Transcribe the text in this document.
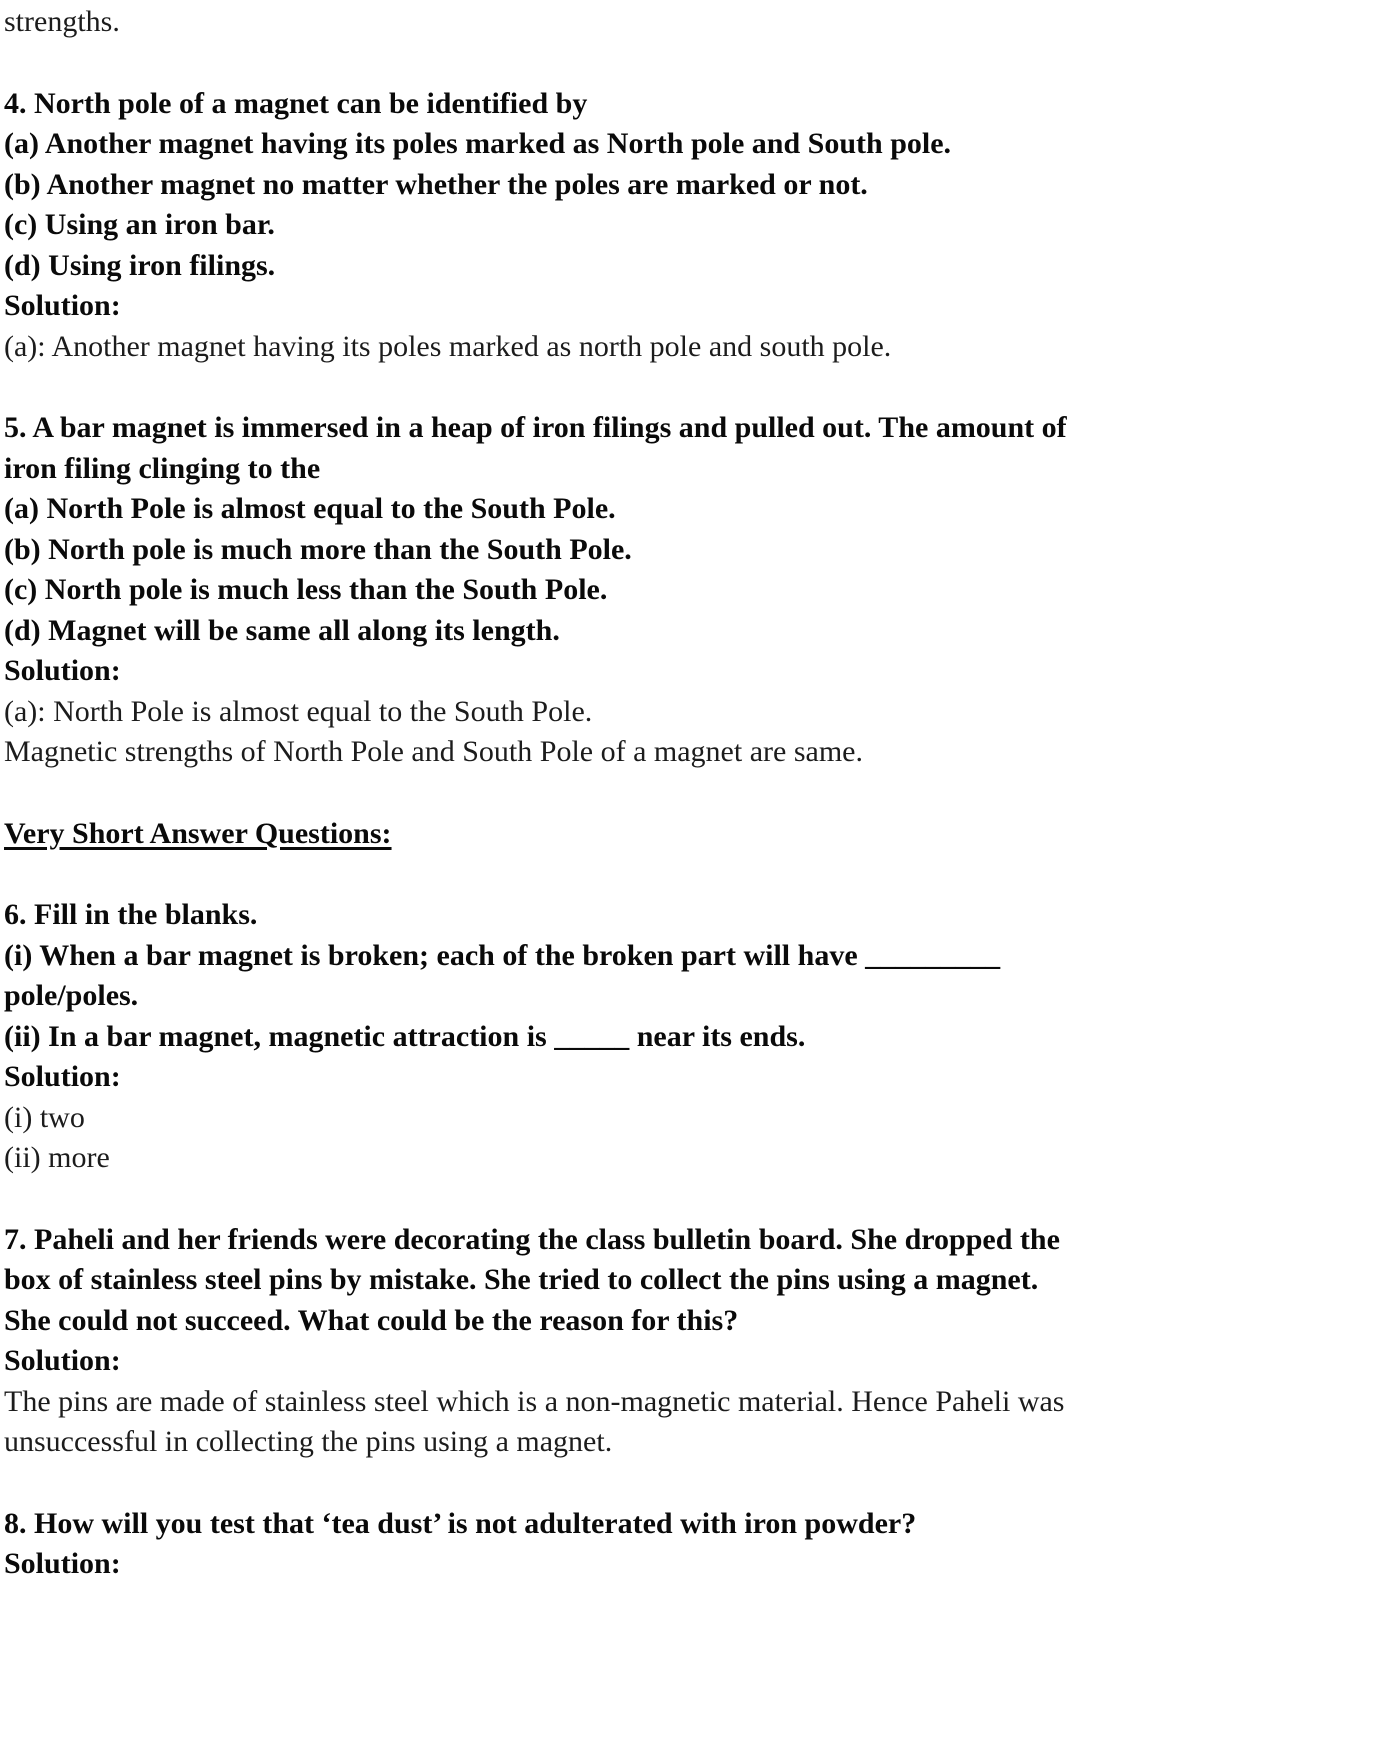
strengths.

4. North pole of a magnet can be identified by

(a) Another magnet having its poles marked as North pole and South pole.

(b) Another magnet no matter whether the poles are marked or not.

(c) Using an iron bar.

(d) Using iron filings.

Solution:

(a): Another magnet having its poles marked as north pole and south pole.

5. A bar magnet is immersed in a heap of iron filings and pulled out. The amount of

iron filing clinging to the

(a) North Pole is almost equal to the South Pole.

(b) North pole is much more than the South Pole.

(c) North pole is much less than the South Pole.

(d) Magnet will be same all along its length.

Solution:

(a): North Pole is almost equal to the South Pole.

Magnetic strengths of North Pole and South Pole of a magnet are same.

Very Short Answer Questions:

6. Fill in the blanks.

(i) When a bar magnet is broken; each of the broken part will have _________

pole/poles.

(ii) In a bar magnet, magnetic attraction is _____ near its ends.

Solution:

(i) two

(ii) more

7. Paheli and her friends were decorating the class bulletin board. She dropped the

box of stainless steel pins by mistake. She tried to collect the pins using a magnet.

She could not succeed. What could be the reason for this?

Solution:

The pins are made of stainless steel which is a non-magnetic material. Hence Paheli was

unsuccessful in collecting the pins using a magnet.

8. How will you test that ‘tea dust’ is not adulterated with iron powder?

Solution:
